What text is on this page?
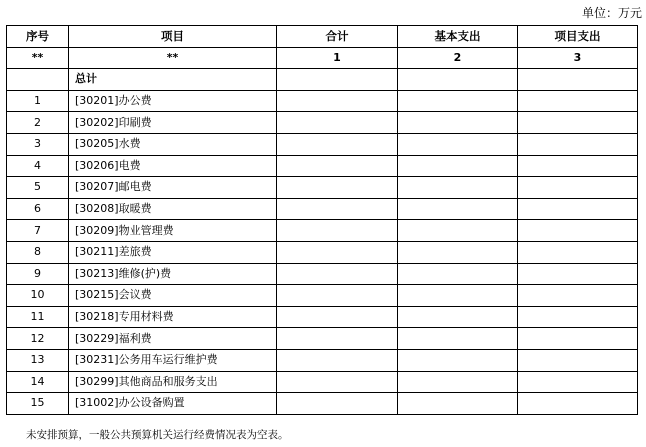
单位：万元
序号	项目	合计	基本支出	项目支出
**	**	1	2	3
	总计			
1	[30201]办公费			
2	[30202]印刷费			
3	[30205]水费			
4	[30206]电费			
5	[30207]邮电费			
6	[30208]取暖费			
7	[30209]物业管理费			
8	[30211]差旅费			
9	[30213]维修(护)费			
10	[30215]会议费			
11	[30218]专用材料费			
12	[30229]福利费			
13	[30231]公务用车运行维护费			
14	[30299]其他商品和服务支出			
15	[31002]办公设备购置			
未安排预算，一般公共预算机关运行经费情况表为空表。
